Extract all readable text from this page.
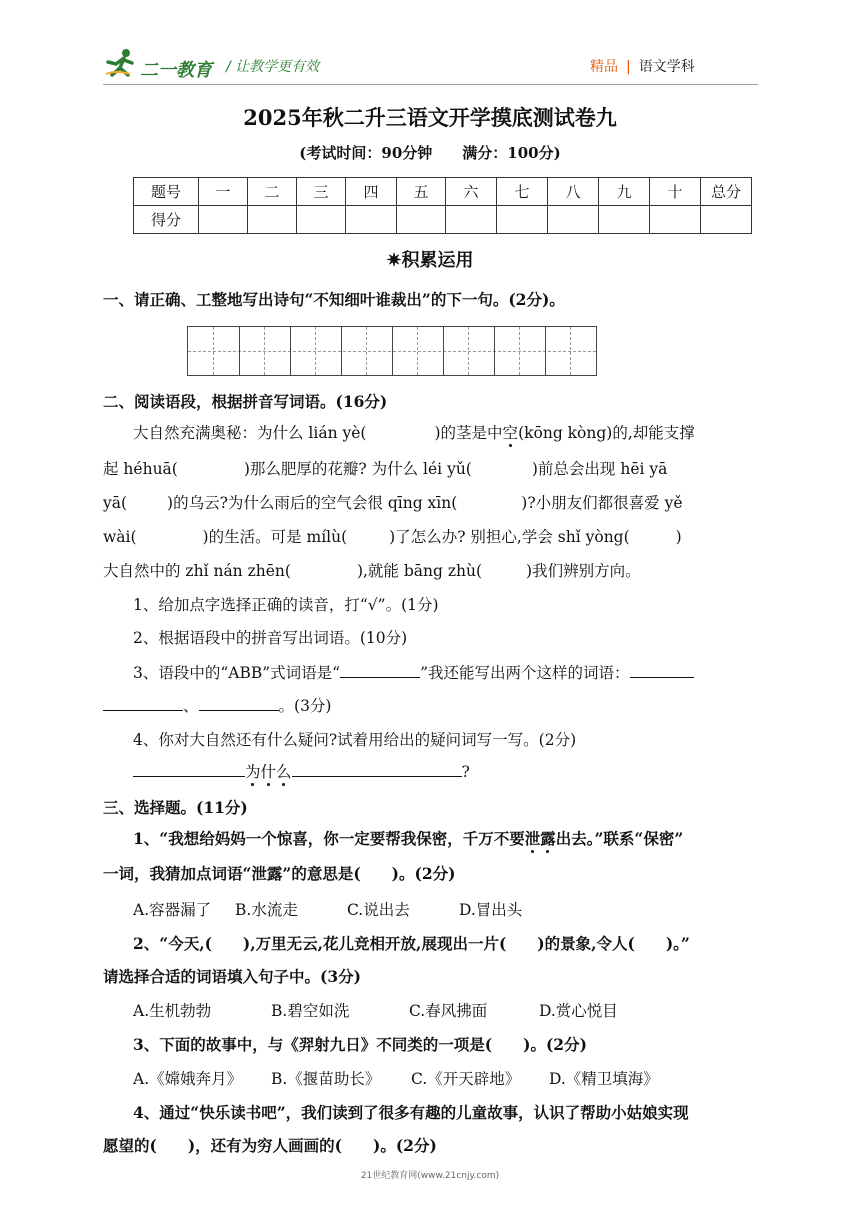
二一教育 / 让教学更有效	精品 | 语文学科
2025年秋二升三语文开学摸底测试卷九
(考试时间：90分钟　　满分：100分)
题号	一	二	三	四	五	六	七	八	九	十	总分
得分											
✷积累运用
一、请正确、工整地写出诗句“不知细叶谁裁出”的下一句。(2分)。
二、阅读语段，根据拼音写词语。(16分)
大自然充满奥秘：为什么 lián yè(	)的茎是中空(kōng kòng)的,却能支撑
起 héhuā(	)那么肥厚的花瓣? 为什么 léi yǔ(	)前总会出现 hēi yā
yā(	)的乌云?为什么雨后的空气会很 qīng xīn(	)?小朋友们都很喜爱 yě
wài(	)的生活。可是 mílù(	)了怎么办? 别担心,学会 shǐ yòng(	)
大自然中的 zhǐ nán zhēn(	),就能 bāng zhù(	)我们辨别方向。
1、给加点字选择正确的读音，打“√”。(1分)
2、根据语段中的拼音写出词语。(10分)
3、语段中的“ABB”式词语是“	”我还能写出两个这样的词语：
、	。(3分)
4、你对大自然还有什么疑问?试着用给出的疑问词写一写。(2分)
为什么	?
三、选择题。(11分)
1、“我想给妈妈一个惊喜，你一定要帮我保密，千万不要泄露出去。”联系“保密”
一词，我猜加点词语“泄露”的意思是(　　)。(2分)
A.容器漏了 B.水流走	C.说出去	D.冒出头
2、“今天,(　　),万里无云,花儿竞相开放,展现出一片(　　)的景象,令人(　　)。”
请选择合适的词语填入句子中。(3分)
A.生机勃勃	B.碧空如洗	C.春风拂面	D.赏心悦目
3、下面的故事中，与《羿射九日》不同类的一项是(　　)。(2分)
A.《嫦娥奔月》 B.《揠苗助长》 C.《开天辟地》 D.《精卫填海》
4、通过“快乐读书吧”，我们读到了很多有趣的儿童故事，认识了帮助小姑娘实现
愿望的(　　)，还有为穷人画画的(　　)。(2分)
21世纪教育网(www.21cnjy.com)
